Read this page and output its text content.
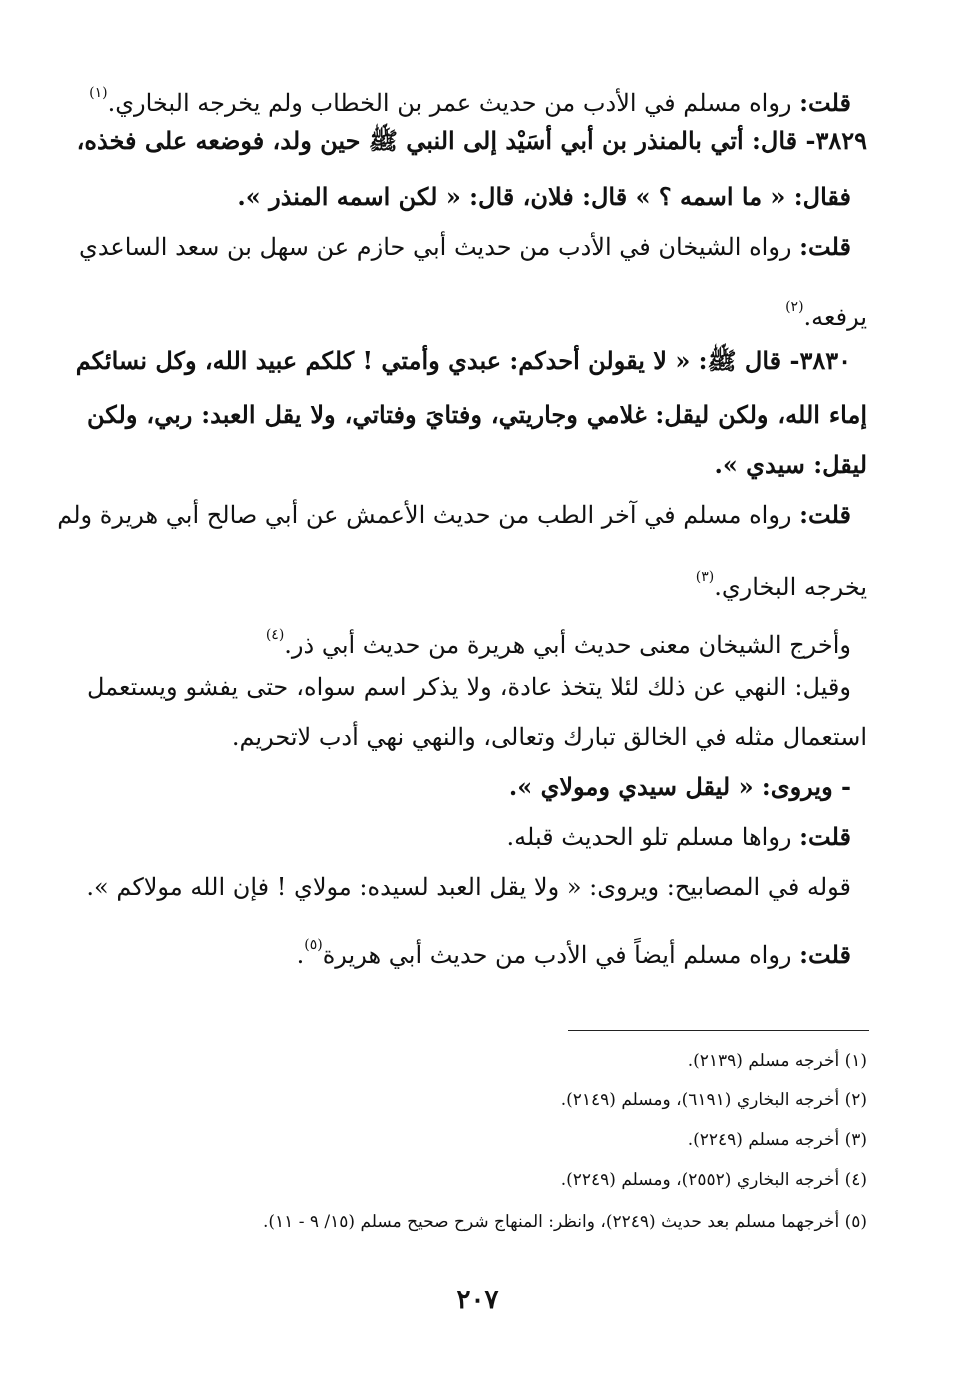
قلت: رواه مسلم في الأدب من حديث عمر بن الخطاب ولم يخرجه البخاري.$^{(١)}$
٣٨٢٩- قال: أتي بالمنذر بن أبي أسَيْد إلى النبي ﷺ حين ولد، فوضعه على فخذه،
فقال: « ما اسمه ؟ » قال: فلان، قال: « لكن اسمه المنذر ».
قلت: رواه الشيخان في الأدب من حديث أبي حازم عن سهل بن سعد الساعدي
يرفعه.$^{(٢)}$
٣٨٣٠- قال ﷺ: « لا يقولن أحدكم: عبدي وأمتي ! كلكم عبيد الله، وكل نسائكم
إماء الله، ولكن ليقل: غلامي وجاريتي، وفتايَ وفتاتي، ولا يقل العبد: ربي، ولكن
ليقل: سيدي ».
قلت: رواه مسلم في آخر الطب من حديث الأعمش عن أبي صالح أبي هريرة ولم
يخرجه البخاري.$^{(٣)}$
وأخرج الشيخان معنى حديث أبي هريرة من حديث أبي ذر.$^{(٤)}$
وقيل: النهي عن ذلك لئلا يتخذ عادة، ولا يذكر اسم سواه، حتى يفشو ويستعمل
استعمال مثله في الخالق تبارك وتعالى، والنهي نهي أدب لاتحريم.
- ويروى: « ليقل سيدي ومولاي ».
قلت: رواها مسلم تلو الحديث قبله.
قوله في المصابيح: ويروى: « ولا يقل العبد لسيده: مولاي ! فإن الله مولاكم ».
قلت: رواه مسلم أيضاً في الأدب من حديث أبي هريرة$^{(٥)}$.
(١) أخرجه مسلم (٢١٣٩).
(٢) أخرجه البخاري (٦١٩١)، ومسلم (٢١٤٩).
(٣) أخرجه مسلم (٢٢٤٩).
(٤) أخرجه البخاري (٢٥٥٢)، ومسلم (٢٢٤٩).
(٥) أخرجهما مسلم بعد حديث (٢٢٤٩)، وانظر: المنهاج شرح صحيح مسلم (١٥/ ٩ - ١١).
٢٠٧
